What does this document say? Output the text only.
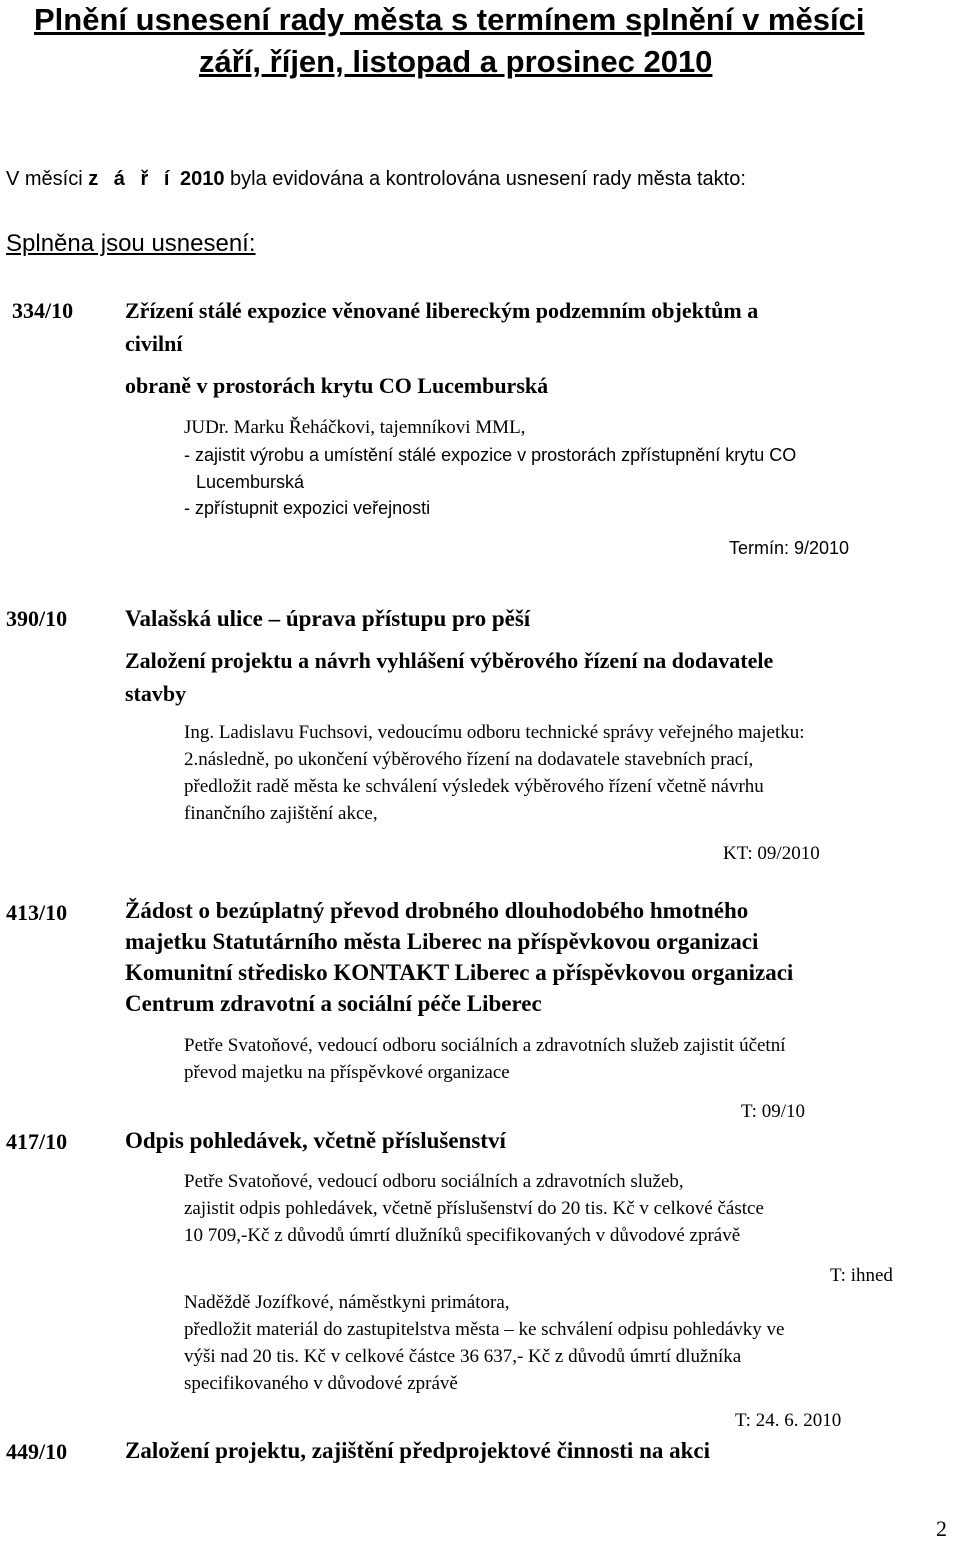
Plnění usnesení rady města s termínem splnění v měsíci
září, říjen, listopad a prosinec 2010
V měsíci z á ř í 2010 byla evidována a kontrolována usnesení rady města takto:
Splněna jsou usnesení:
334/10 Zřízení stálé expozice věnované libereckým podzemním objektům a
civilní
obraně v prostorách krytu CO Lucemburská
JUDr. Marku Řeháčkovi, tajemníkovi MML,
- zajistit výrobu a umístění stálé expozice v prostorách zpřístupnění krytu CO
Lucemburská
- zpřístupnit expozici veřejnosti
Termín: 9/2010
390/10	Valašská ulice – úprava přístupu pro pěší
Založení projektu a návrh vyhlášení výběrového řízení na dodavatele
stavby
Ing. Ladislavu Fuchsovi, vedoucímu odboru technické správy veřejného majetku:
2.následně, po ukončení výběrového řízení na dodavatele stavebních prací,
předložit radě města ke schválení výsledek výběrového řízení včetně návrhu
finančního zajištění akce,
KT: 09/2010
413/10	Žádost o bezúplatný převod drobného dlouhodobého hmotného
majetku Statutárního města Liberec na příspěvkovou organizaci
Komunitní středisko KONTAKT Liberec a příspěvkovou organizaci
Centrum zdravotní a sociální péče Liberec
Petře Svatoňové, vedoucí odboru sociálních a zdravotních služeb zajistit účetní
převod majetku na příspěvkové organizace
T: 09/10
417/10	Odpis pohledávek, včetně příslušenství
Petře Svatoňové, vedoucí odboru sociálních a zdravotních služeb,
zajistit odpis pohledávek, včetně příslušenství do 20 tis. Kč v celkové částce
10 709,-Kč z důvodů úmrtí dlužníků specifikovaných v důvodové zprávě
T: ihned
Naděždě Jozífkové, náměstkyni primátora,
předložit materiál do zastupitelstva města – ke schválení odpisu pohledávky ve
výši nad 20 tis. Kč v celkové částce 36 637,- Kč z důvodů úmrtí dlužníka
specifikovaného v důvodové zprávě
T: 24. 6. 2010
449/10	Založení projektu, zajištění předprojektové činnosti na akci
2
